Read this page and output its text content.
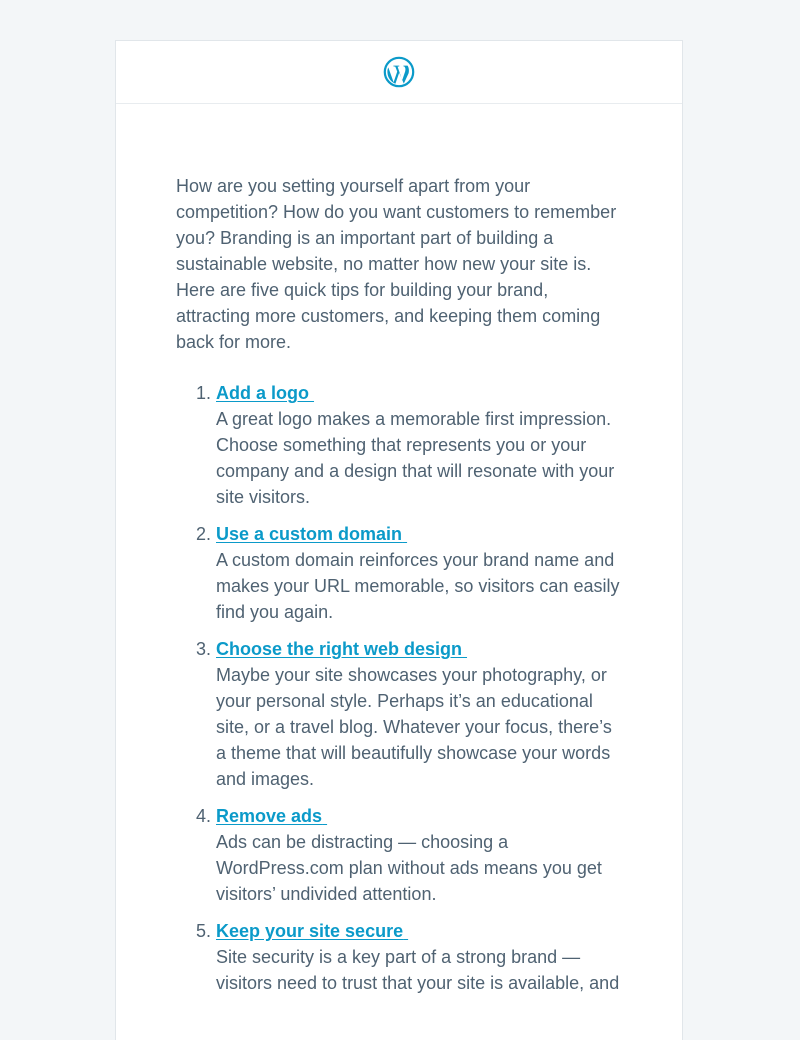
How are you setting yourself apart from your competition? How do you want customers to remember you? Branding is an important part of building a sustainable website, no matter how new your site is. Here are five quick tips for building your brand, attracting more customers, and keeping them coming back for more.

1. Add a logo
A great logo makes a memorable first impression. Choose something that represents you or your company and a design that will resonate with your site visitors.
2. Use a custom domain
A custom domain reinforces your brand name and makes your URL memorable, so visitors can easily find you again.
3. Choose the right web design
Maybe your site showcases your photography, or your personal style. Perhaps it’s an educational site, or a travel blog. Whatever your focus, there’s a theme that will beautifully showcase your words and images.
4. Remove ads
Ads can be distracting — choosing a WordPress.com plan without ads means you get visitors’ undivided attention.
5. Keep your site secure
Site security is a key part of a strong brand — visitors need to trust that your site is available, and
